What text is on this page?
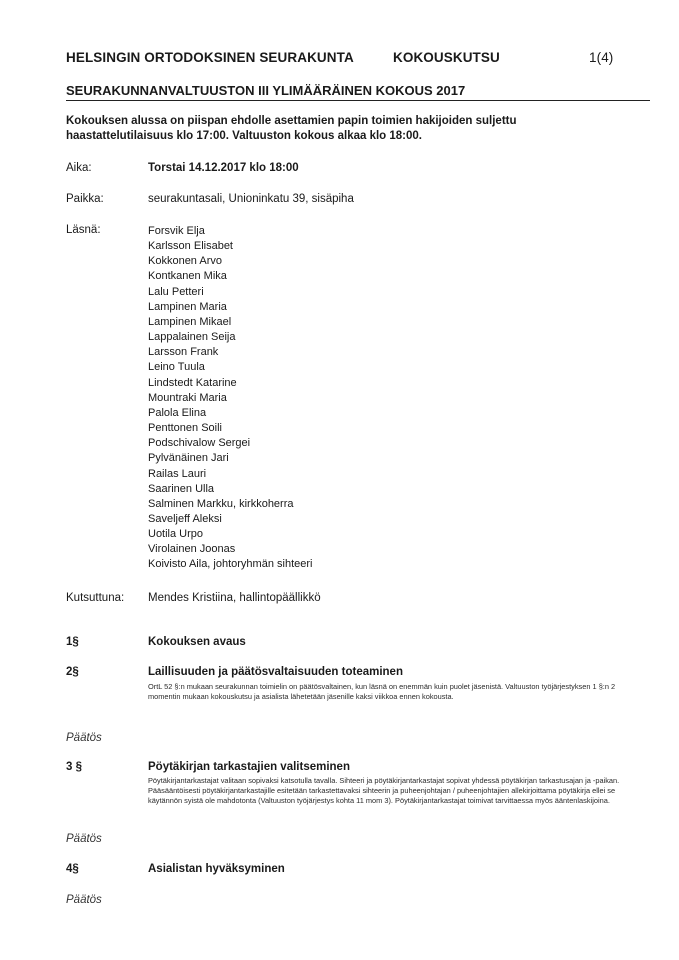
HELSINGIN ORTODOKSINEN SEURAKUNTA	KOKOUSKUTSU	1(4)
SEURAKUNNANVALTUUSTON III YLIMÄÄRÄINEN KOKOUS 2017
Kokouksen alussa on piispan ehdolle asettamien papin toimien hakijoiden suljettu haastattelutilaisuus klo 17:00. Valtuuston kokous alkaa klo 18:00.
Aika:	Torstai 14.12.2017 klo 18:00
Paikka:	seurakuntasali, Unioninkatu 39, sisäpiha
Läsnä:	Forsvik Elja
Karlsson Elisabet
Kokkonen Arvo
Kontkanen Mika
Lalu Petteri
Lampinen Maria
Lampinen Mikael
Lappalainen Seija
Larsson Frank
Leino Tuula
Lindstedt Katarine
Mountraki Maria
Palola Elina
Penttonen Soili
Podschivalow Sergei
Pylvänäinen Jari
Railas Lauri
Saarinen Ulla
Salminen Markku, kirkkoherra
Saveljeff Aleksi
Uotila Urpo
Virolainen Joonas
Koivisto Aila, johtoryhmän sihteeri
Kutsuttuna: Mendes Kristiina, hallintopäällikkö
1§	Kokouksen avaus
2§	Laillisuuden ja päätösvaltaisuuden toteaminen
OrtL 52 §:n mukaan seurakunnan toimielin on päätösvaltainen, kun läsnä on enemmän kuin puolet jäsenistä. Valtuuston työjärjestyksen 1 §:n 2 momentin mukaan kokouskutsu ja asialista lähetetään jäsenille kaksi viikkoa ennen kokousta.
Päätös
3 §	Pöytäkirjan tarkastajien valitseminen
Pöytäkirjantarkastajat valitaan sopivaksi katsotulla tavalla. Sihteeri ja pöytäkirjantarkastajat sopivat yhdessä pöytäkirjan tarkastusajan ja -paikan. Pääsääntöisesti pöytäkirjantarkastajille esitetään tarkastettavaksi sihteerin ja puheenjohtajan / puheenjohtajien allekirjoittama pöytäkirja ellei se käytännön syistä ole mahdotonta (Valtuuston työjärjestys kohta 11 mom 3). Pöytäkirjantarkastajat toimivat tarvittaessa myös ääntenlaskijoina.
Päätös
4§	Asialistan hyväksyminen
Päätös
